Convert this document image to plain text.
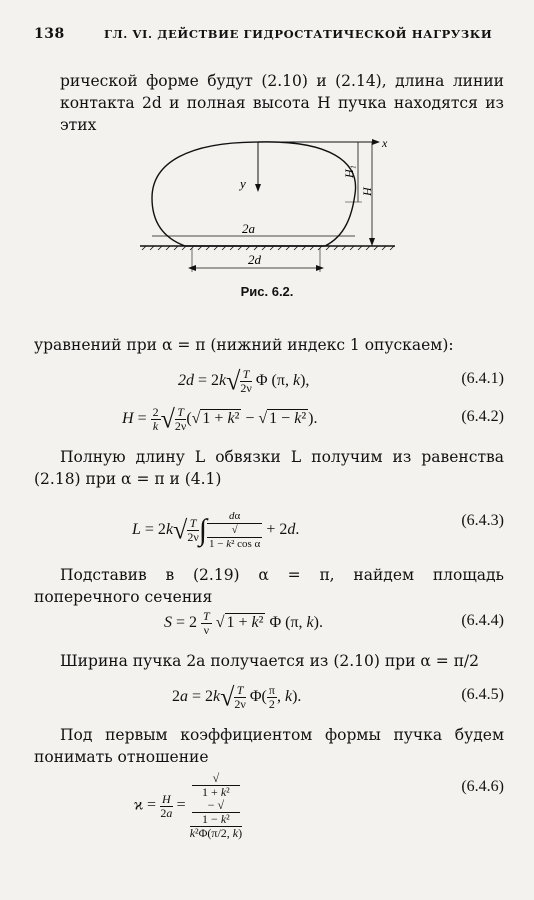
138	ГЛ. VI. ДЕЙСТВИЕ ГИДРОСТАТИЧЕСКОЙ НАГРУЗКИ
рической форме будут (2.10) и (2.14), длина линии контакта 2d и полная высота H пучка находятся из этих
x
y
H₁
H
2a
2d
Рис. 6.2.
уравнений при α = π (нижний индекс 1 опускаем):
$2d = 2k√ \frac{T}{2\nu}$ Φ (π, k),	(6.4.1)
$H = \frac{2}{k}$ √ $\frac{T}{2\nu}$ (√ 1 + k² − √ 1 − k² ).	(6.4.2)
Полную длину L обвязки L получим из равенства (2.18) при α = π и (4.1)
$L = 2k√ \frac{T}{2\nu}$ ∫ dα
√
1 − k² cos α + 2d.
(6.4.3)
Подставив в (2.19) α = π, найдем площадь поперечного сечения
$S = 2 \frac{T}{\nu}$ √ 1 + k² Φ (π, k).	(6.4.4)
Ширина пучка 2a получается из (2.10) при α = π/2
$2a = 2k√ \frac{T}{2\nu} \Phi( \frac{\pi}{2}$ , k).	(6.4.5)
Под первым коэффициентом формы пучка будем понимать отношение
$ϰ = \frac{H}{2a}$ = √
1 + k²
− √
1 − k²
k²Φ(π/2, k)	(6.4.6)
